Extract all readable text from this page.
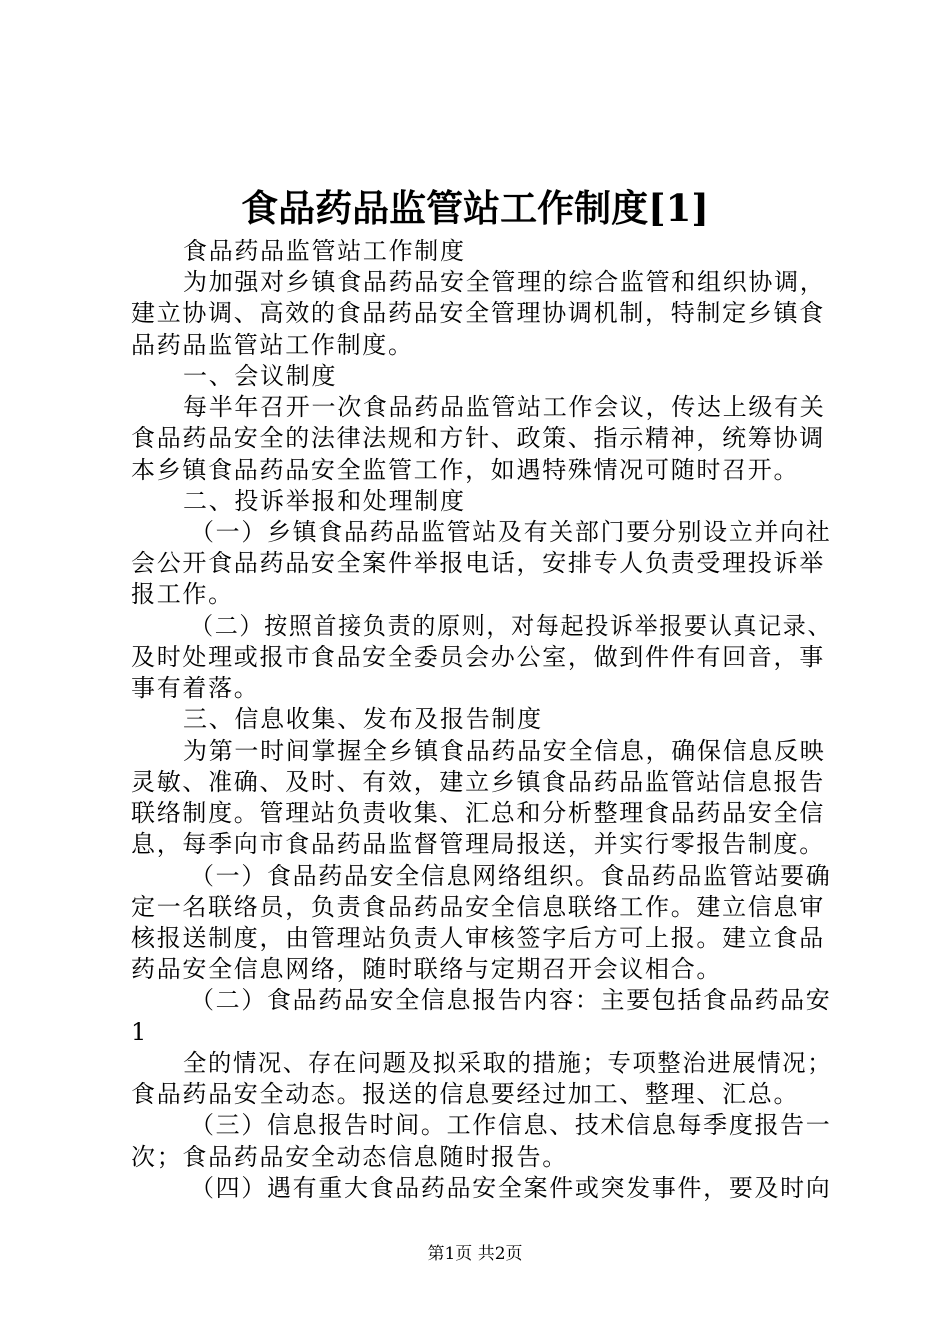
食品药品监管站工作制度[1]
食品药品监管站工作制度
为加强对乡镇食品药品安全管理的综合监管和组织协调，
建立协调、高效的食品药品安全管理协调机制，特制定乡镇食
品药品监管站工作制度。
一、会议制度
每半年召开一次食品药品监管站工作会议，传达上级有关
食品药品安全的法律法规和方针、政策、指示精神，统筹协调
本乡镇食品药品安全监管工作，如遇特殊情况可随时召开。
二、投诉举报和处理制度
（一）乡镇食品药品监管站及有关部门要分别设立并向社
会公开食品药品安全案件举报电话，安排专人负责受理投诉举
报工作。
（二）按照首接负责的原则，对每起投诉举报要认真记录、
及时处理或报市食品安全委员会办公室，做到件件有回音，事
事有着落。
三、信息收集、发布及报告制度
为第一时间掌握全乡镇食品药品安全信息，确保信息反映
灵敏、准确、及时、有效，建立乡镇食品药品监管站信息报告
联络制度。管理站负责收集、汇总和分析整理食品药品安全信
息，每季向市食品药品监督管理局报送，并实行零报告制度。
（一）食品药品安全信息网络组织。食品药品监管站要确
定一名联络员，负责食品药品安全信息联络工作。建立信息审
核报送制度，由管理站负责人审核签字后方可上报。建立食品
药品安全信息网络，随时联络与定期召开会议相合。
（二）食品药品安全信息报告内容：主要包括食品药品安
1
全的情况、存在问题及拟采取的措施；专项整治进展情况；
食品药品安全动态。报送的信息要经过加工、整理、汇总。
（三）信息报告时间。工作信息、技术信息每季度报告一
次；食品药品安全动态信息随时报告。
（四）遇有重大食品药品安全案件或突发事件，要及时向
第1页 共2页
